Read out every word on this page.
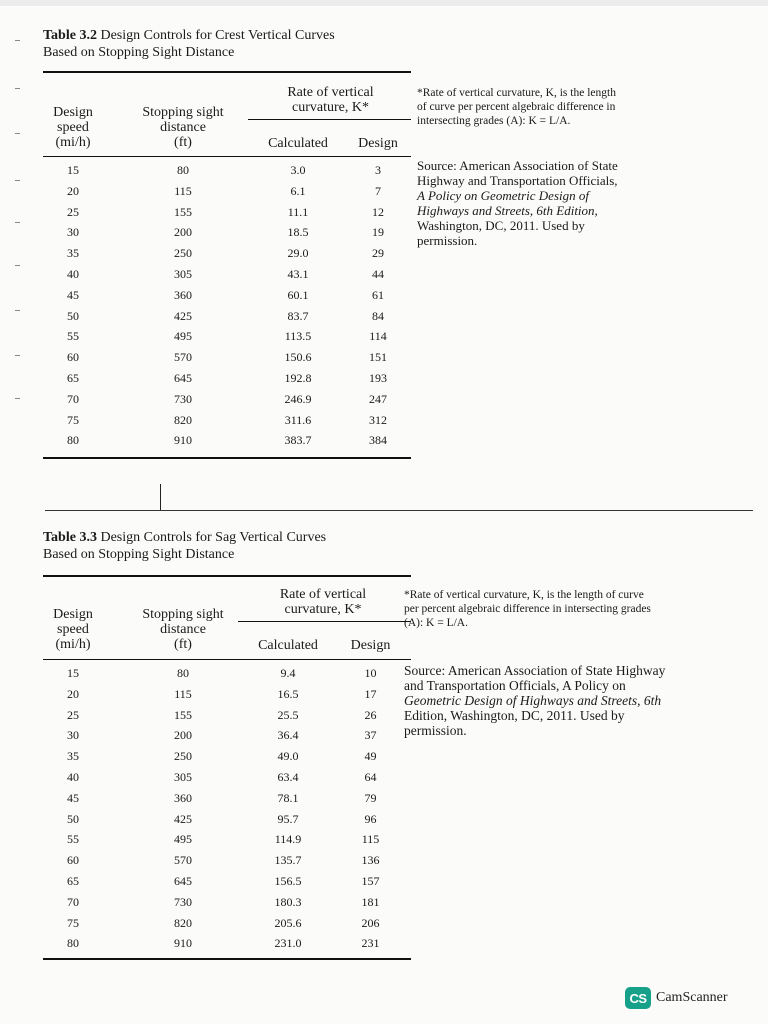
Table 3.2 Design Controls for Crest Vertical Curves
Based on Stopping Sight Distance
Design
speed
(mi/h)
Stopping sight
distance
(ft)
Rate of vertical
curvature, K*
Calculated	Design
15	80	3.0	3
20	115	6.1	7
25	155	11.1	12
30	200	18.5	19
35	250	29.0	29
40	305	43.1	44
45	360	60.1	61
50	425	83.7	84
55	495	113.5	114
60	570	150.6	151
65	645	192.8	193
70	730	246.9	247
75	820	311.6	312
80	910	383.7	384
*Rate of vertical curvature, K, is the length
of curve per percent algebraic difference in
intersecting grades (A): K = L/A.
Source: American Association of State
Highway and Transportation Officials,
A Policy on Geometric Design of
Highways and Streets, 6th Edition,
Washington, DC, 2011. Used by
permission.
Table 3.3 Design Controls for Sag Vertical Curves
Based on Stopping Sight Distance
Design
speed
(mi/h)
Stopping sight
distance
(ft)
Rate of vertical
curvature, K*
Calculated	Design
15	80	9.4	10
20	115	16.5	17
25	155	25.5	26
30	200	36.4	37
35	250	49.0	49
40	305	63.4	64
45	360	78.1	79
50	425	95.7	96
55	495	114.9	115
60	570	135.7	136
65	645	156.5	157
70	730	180.3	181
75	820	205.6	206
80	910	231.0	231
*Rate of vertical curvature, K, is the length of curve
per percent algebraic difference in intersecting grades
(A): K = L/A.
Source: American Association of State Highway
and Transportation Officials, A Policy on
Geometric Design of Highways and Streets, 6th
Edition, Washington, DC, 2011. Used by
permission.
CS CamScanner
